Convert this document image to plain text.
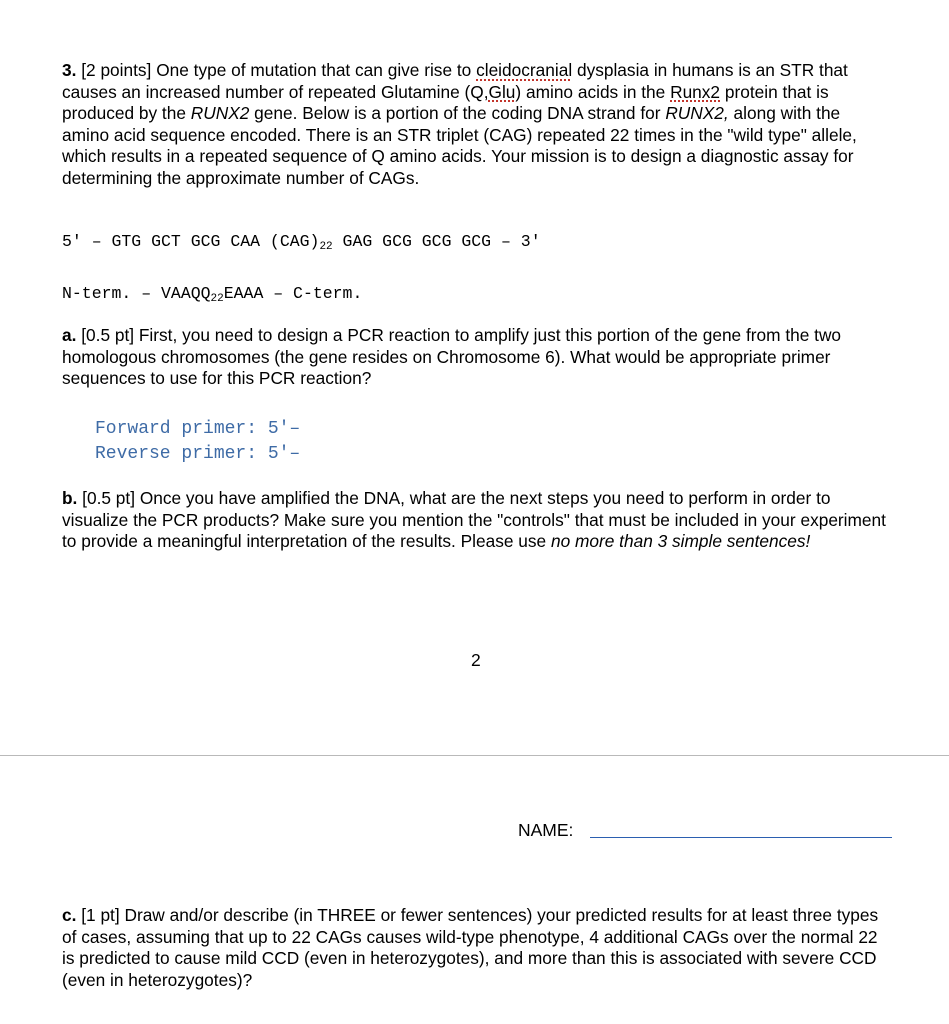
3. [2 points] One type of mutation that can give rise to cleidocranial dysplasia in humans is an STR that causes an increased number of repeated Glutamine (Q,Glu) amino acids in the Runx2 protein that is produced by the RUNX2 gene. Below is a portion of the coding DNA strand for RUNX2, along with the amino acid sequence encoded. There is an STR triplet (CAG) repeated 22 times in the "wild type" allele, which results in a repeated sequence of Q amino acids. Your mission is to design a diagnostic assay for determining the approximate number of CAGs.
5' – GTG GCT GCG CAA $(CAG)_{22}$ GAG GCG GCG GCG – 3'
N-term. – $VAAQQ_{22}EAAA$ – C-term.
a. [0.5 pt] First, you need to design a PCR reaction to amplify just this portion of the gene from the two homologous chromosomes (the gene resides on Chromosome 6). What would be appropriate primer sequences to use for this PCR reaction?
Forward primer: 5'–
Reverse primer: 5'–
b. [0.5 pt] Once you have amplified the DNA, what are the next steps you need to perform in order to visualize the PCR products? Make sure you mention the "controls" that must be included in your experiment to provide a meaningful interpretation of the results. Please use no more than 3 simple sentences!
2
NAME:
c. [1 pt] Draw and/or describe (in THREE or fewer sentences) your predicted results for at least three types of cases, assuming that up to 22 CAGs causes wild-type phenotype, 4 additional CAGs over the normal 22 is predicted to cause mild CCD (even in heterozygotes), and more than this is associated with severe CCD (even in heterozygotes)?
